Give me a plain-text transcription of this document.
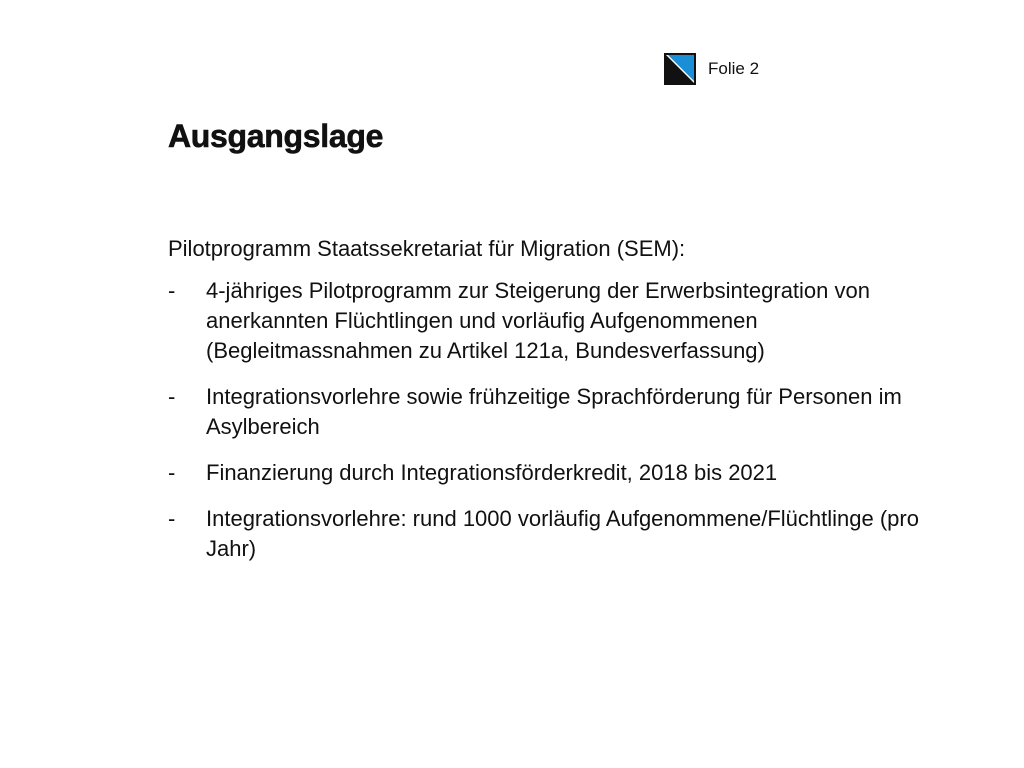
Folie 2
Ausgangslage

Pilotprogramm Staatssekretariat für Migration (SEM):

-	4-jähriges Pilotprogramm zur Steigerung der Erwerbsintegration von anerkannten Flüchtlingen und vorläufig Aufgenommenen (Begleitmassnahmen zu Artikel 121a, Bundesverfassung)
-	Integrationsvorlehre sowie frühzeitige Sprachförderung für Personen im Asylbereich
-	Finanzierung durch Integrationsförderkredit, 2018 bis 2021
-	Integrationsvorlehre: rund 1000 vorläufig Aufgenommene/Flüchtlinge (pro Jahr)
